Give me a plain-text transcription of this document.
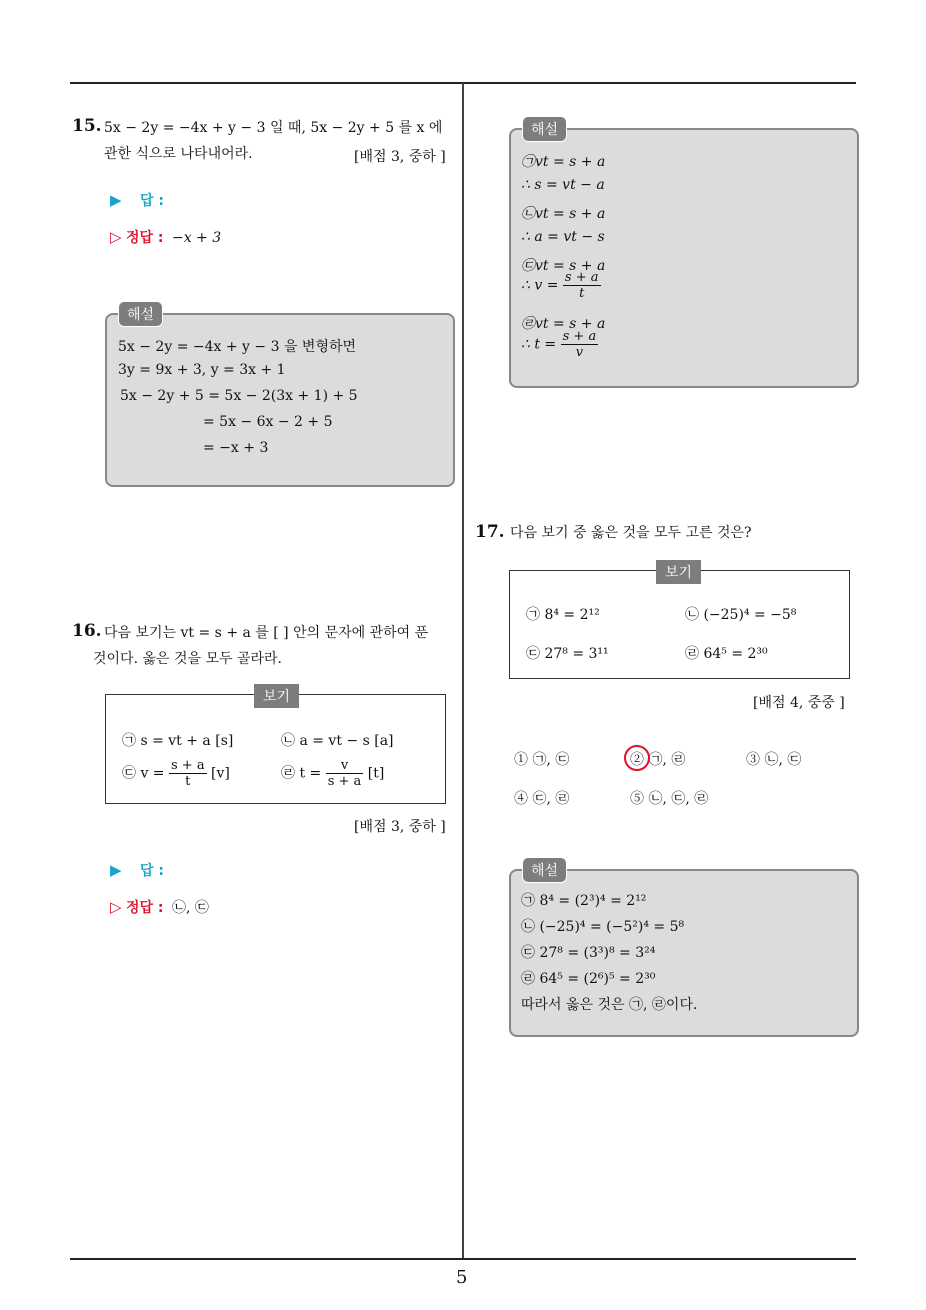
5
15. 5x − 2y = −4x + y − 3 일 때, 5x − 2y + 5 를 x 에
관한 식으로 나타내어라.	[배점 3, 중하 ]
▶ 답 :
▷ 정답 : −x + 3
해설
5x − 2y = −4x + y − 3 을 변형하면
3y = 9x + 3, y = 3x + 1
5x − 2y + 5 = 5x − 2(3x + 1) + 5
= 5x − 6x − 2 + 5
= −x + 3
16. 다음 보기는 vt = s + a 를 [ ] 안의 문자에 관하여 푼
것이다. 옳은 것을 모두 골라라.
보기
㉠ s = vt + a [s]	㉡ a = vt − s [a]
㉢ $v = \frac{s + a}{t} [v]$	㉣ $t = \frac{v}{s + a} [t]$
[배점 3, 중하 ]
▶ 답 :
▷ 정답 : ㉡, ㉢
해설
㉠vt = s + a
∴ s = vt − a
㉡vt = s + a
∴ a = vt − s
㉢vt = s + a
∴ $v = \frac{s + a}{t}$
㉣vt = s + a
∴ $t = \frac{s + a}{v}$
17. 다음 보기 중 옳은 것을 모두 고른 것은?
보기
㉠ 8⁴ = 2¹²	㉡ (−25)⁴ = −5⁸
㉢ 27⁸ = 3¹¹	㉣ 64⁵ = 2³⁰
[배점 4, 중중 ]
① ㉠, ㉢	② ㉠, ㉣	③ ㉡, ㉢
④ ㉢, ㉣	⑤ ㉡, ㉢, ㉣
해설
㉠ 8⁴ = (2³)⁴ = 2¹²
㉡ (−25)⁴ = (−5²)⁴ = 5⁸
㉢ 27⁸ = (3³)⁸ = 3²⁴
㉣ 64⁵ = (2⁶)⁵ = 2³⁰
따라서 옳은 것은 ㉠, ㉣이다.
